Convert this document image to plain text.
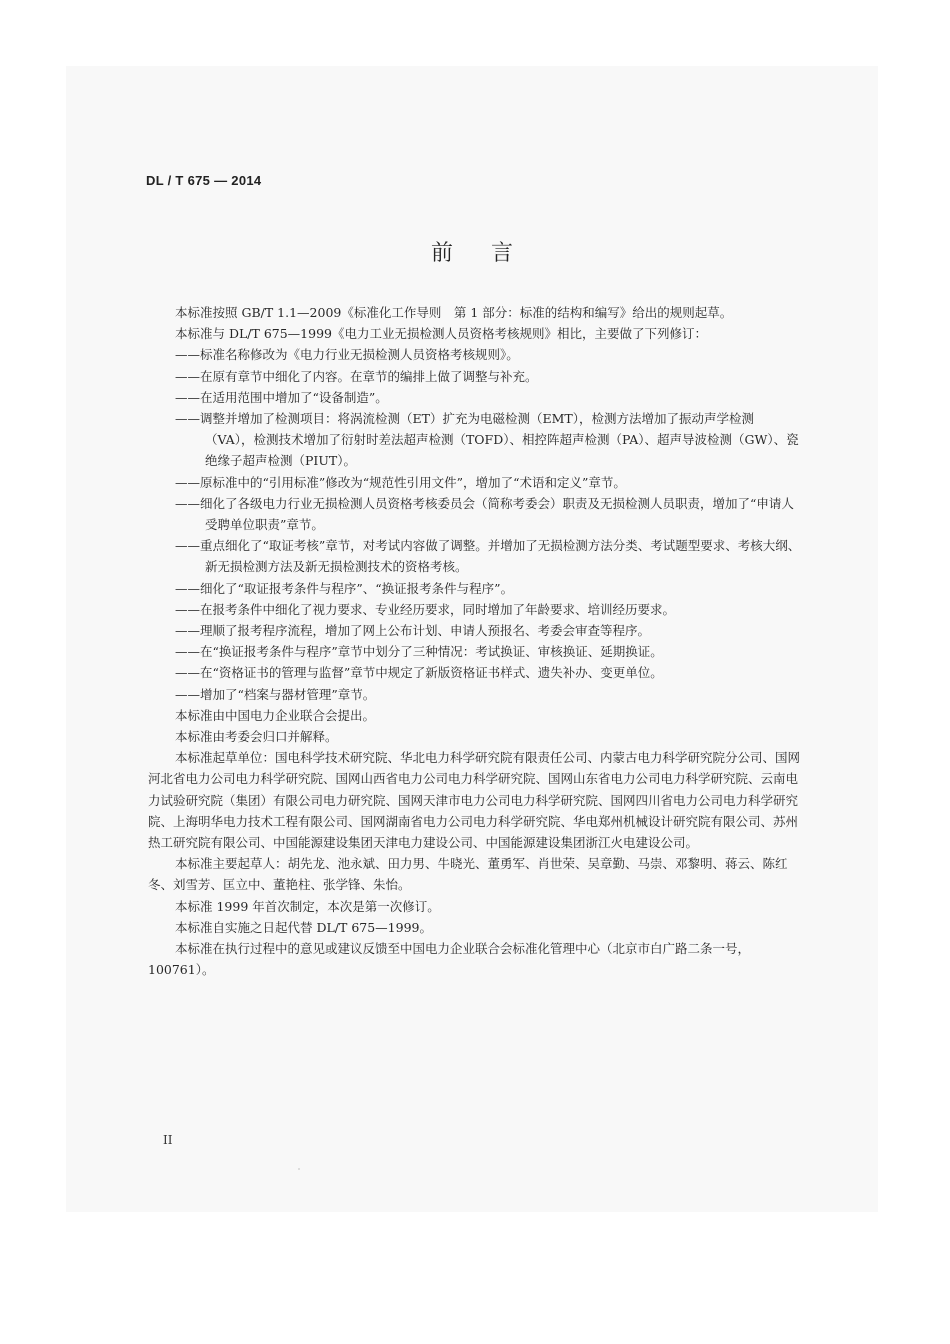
DL / T 675 — 2014
前言

本标准按照 GB/T 1.1—2009《标准化工作导则　第 1 部分：标准的结构和编写》给出的规则起草。

本标准与 DL/T 675—1999《电力工业无损检测人员资格考核规则》相比，主要做了下列修订：

——标准名称修改为《电力行业无损检测人员资格考核规则》。
——在原有章节中细化了内容。在章节的编排上做了调整与补充。
——在适用范围中增加了“设备制造”。
——调整并增加了检测项目：将涡流检测（ET）扩充为电磁检测（EMT），检测方法增加了振动声学检测（VA），检测技术增加了衍射时差法超声检测（TOFD）、相控阵超声检测（PA）、超声导波检测（GW）、瓷绝缘子超声检测（PIUT）。
——原标准中的“引用标准”修改为“规范性引用文件”，增加了“术语和定义”章节。
——细化了各级电力行业无损检测人员资格考核委员会（简称考委会）职责及无损检测人员职责，增加了“申请人受聘单位职责”章节。
——重点细化了“取证考核”章节，对考试内容做了调整。并增加了无损检测方法分类、考试题型要求、考核大纲、新无损检测方法及新无损检测技术的资格考核。
——细化了“取证报考条件与程序”、“换证报考条件与程序”。
——在报考条件中细化了视力要求、专业经历要求，同时增加了年龄要求、培训经历要求。
——理顺了报考程序流程，增加了网上公布计划、申请人预报名、考委会审查等程序。
——在“换证报考条件与程序”章节中划分了三种情况：考试换证、审核换证、延期换证。
——在“资格证书的管理与监督”章节中规定了新版资格证书样式、遗失补办、变更单位。
——增加了“档案与器材管理”章节。

本标准由中国电力企业联合会提出。

本标准由考委会归口并解释。

本标准起草单位：国电科学技术研究院、华北电力科学研究院有限责任公司、内蒙古电力科学研究院分公司、国网河北省电力公司电力科学研究院、国网山西省电力公司电力科学研究院、国网山东省电力公司电力科学研究院、云南电力试验研究院（集团）有限公司电力研究院、国网天津市电力公司电力科学研究院、国网四川省电力公司电力科学研究院、上海明华电力技术工程有限公司、国网湖南省电力公司电力科学研究院、华电郑州机械设计研究院有限公司、苏州热工研究院有限公司、中国能源建设集团天津电力建设公司、中国能源建设集团浙江火电建设公司。

本标准主要起草人：胡先龙、池永斌、田力男、牛晓光、董勇军、肖世荣、吴章勤、马崇、邓黎明、蒋云、陈红冬、刘雪芳、匡立中、董艳柱、张学锋、朱怡。

本标准 1999 年首次制定，本次是第一次修订。

本标准自实施之日起代替 DL/T 675—1999。

本标准在执行过程中的意见或建议反馈至中国电力企业联合会标准化管理中心（北京市白广路二条一号，100761）。

II
